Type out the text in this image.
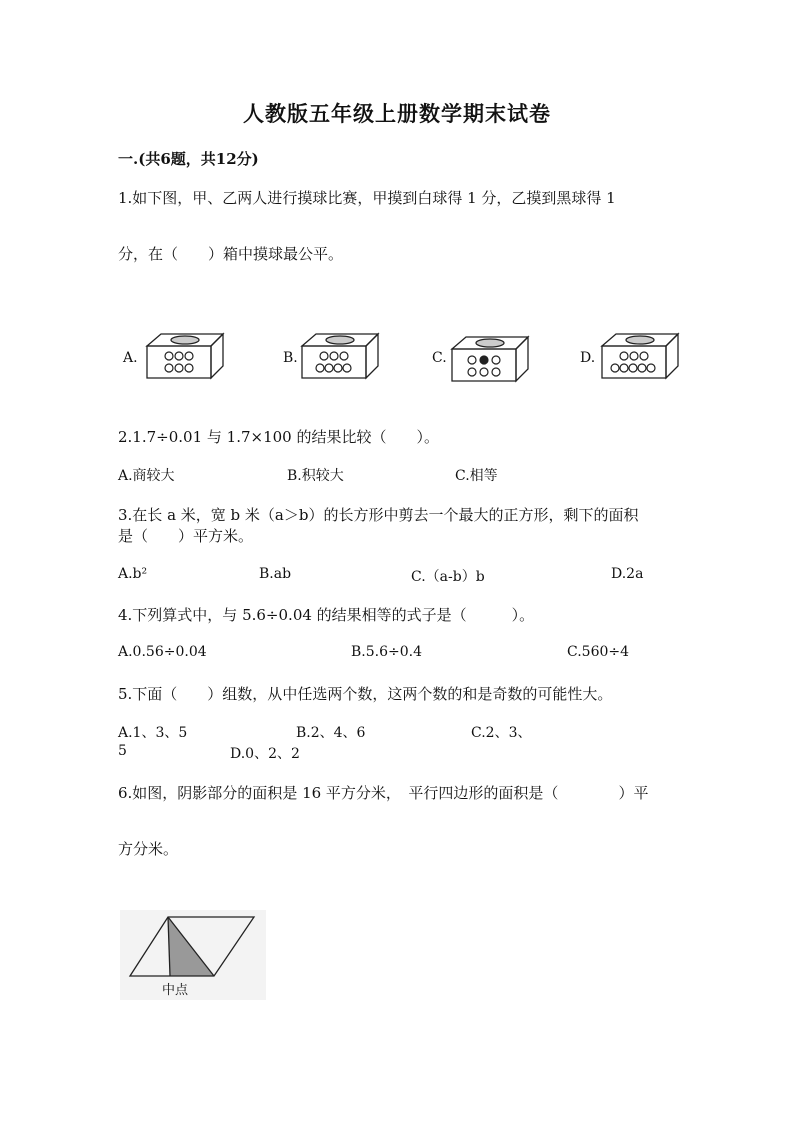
人教版五年级上册数学期末试卷
一.(共6题，共12分)
1.如下图，甲、乙两人进行摸球比赛，甲摸到白球得 1 分，乙摸到黑球得 1
分，在（　　）箱中摸球最公平。
A.	B.	C.	D.
2.1.7÷0.01 与 1.7×100 的结果比较（　　）。
A.商较大	B.积较大	C.相等
3.在长 a 米，宽 b 米（a＞b）的长方形中剪去一个最大的正方形，剩下的面积
是（　　）平方米。
A.b²	B.ab	C.（a-b）b	D.2a
4.下列算式中，与 5.6÷0.04 的结果相等的式子是（　　　）。
A.0.56÷0.04	B.5.6÷0.4	C.560÷4
5.下面（　　）组数，从中任选两个数，这两个数的和是奇数的可能性大。
A.1、3、5	B.2、4、6	C.2、3、
5	D.0、2、2
6.如图，阴影部分的面积是 16 平方分米，　平行四边形的面积是（　　　　）平
方分米。
中点
